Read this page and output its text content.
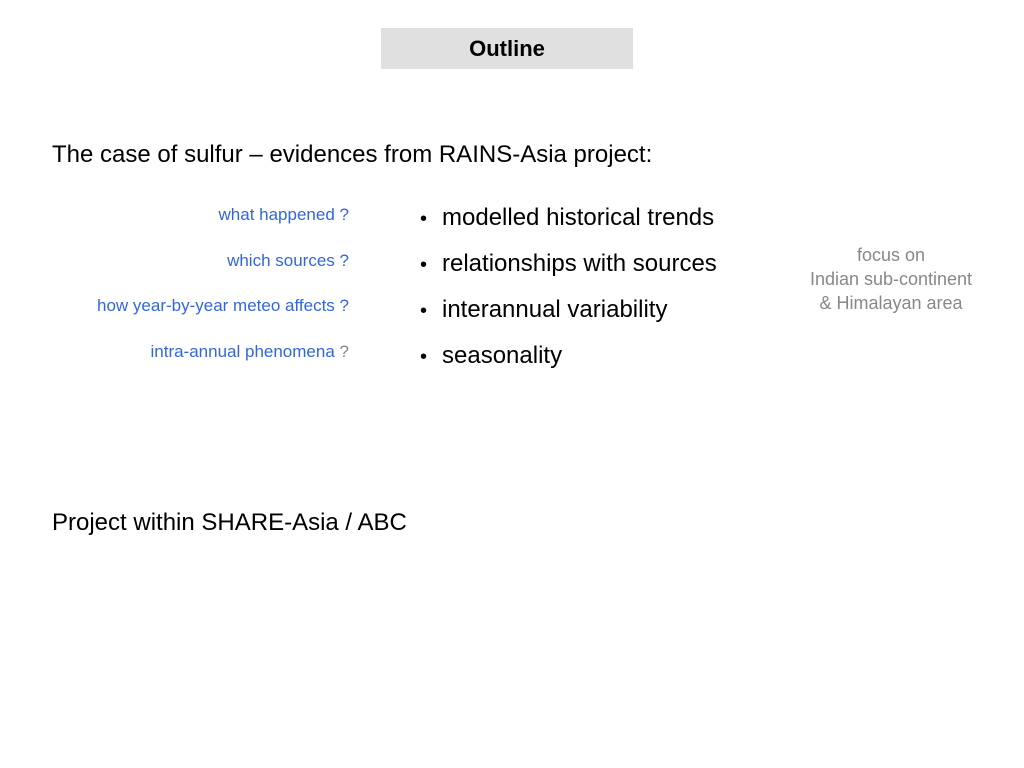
Outline
The case of sulfur – evidences from RAINS-Asia project:
what happened ?
which sources ?
how year-by-year meteo affects ?
intra-annual phenomena ?
• modelled historical trends
• relationships with sources
• interannual variability
• seasonality
focus on
Indian sub-continent
& Himalayan area
Project within SHARE-Asia / ABC
